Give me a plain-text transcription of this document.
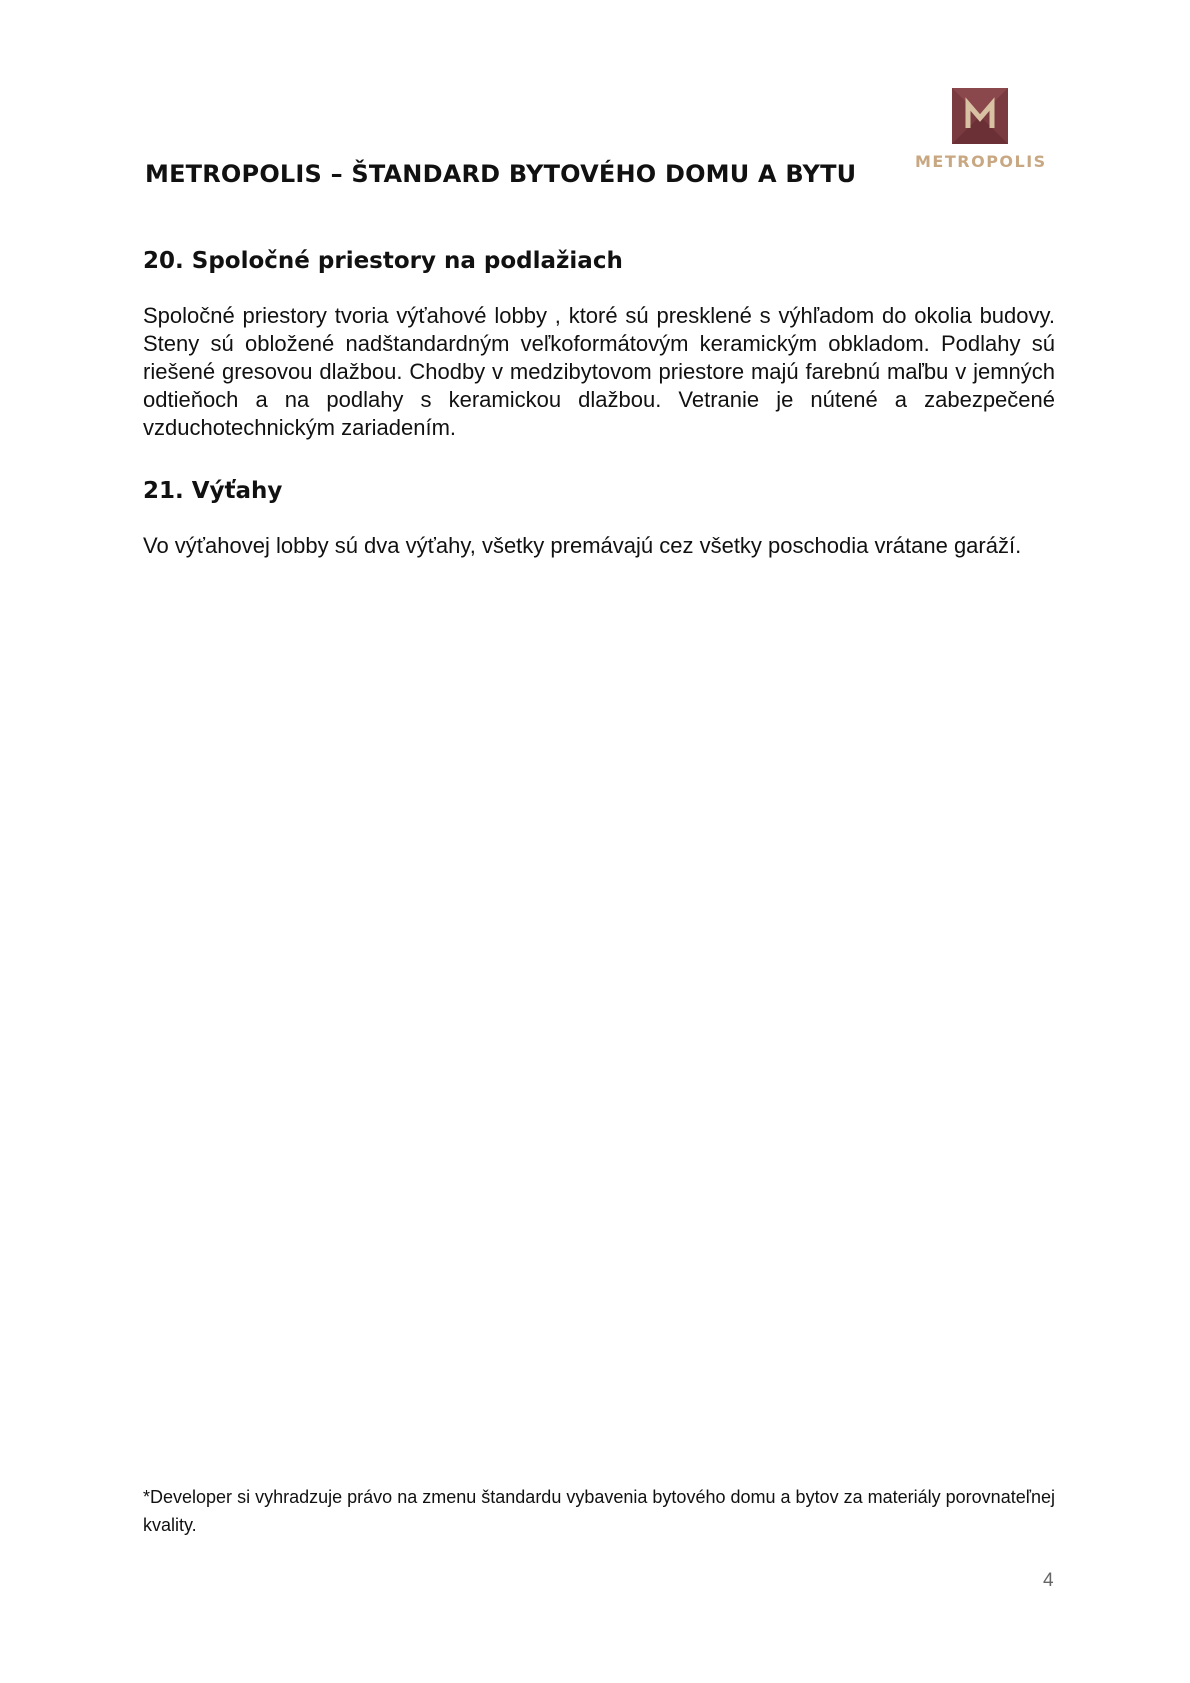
METROPOLIS
METROPOLIS – ŠTANDARD BYTOVÉHO DOMU A BYTU
20. Spoločné priestory na podlažiach

Spoločné priestory tvoria výťahové lobby , ktoré sú presklené s výhľadom do okolia budovy. Steny sú obložené nadštandardným veľkoformátovým keramickým obkladom. Podlahy sú riešené gresovou dlažbou. Chodby v medzibytovom priestore majú farebnú maľbu v jemných odtieňoch a na podlahy s keramickou dlažbou. Vetranie je nútené a zabezpečené vzduchotechnickým zariadením.

21. Výťahy

Vo výťahovej lobby sú dva výťahy, všetky premávajú cez všetky poschodia vrátane garáží.

*Developer si vyhradzuje právo na zmenu štandardu vybavenia bytového domu a bytov za materiály porovnateľnej kvality.

4
